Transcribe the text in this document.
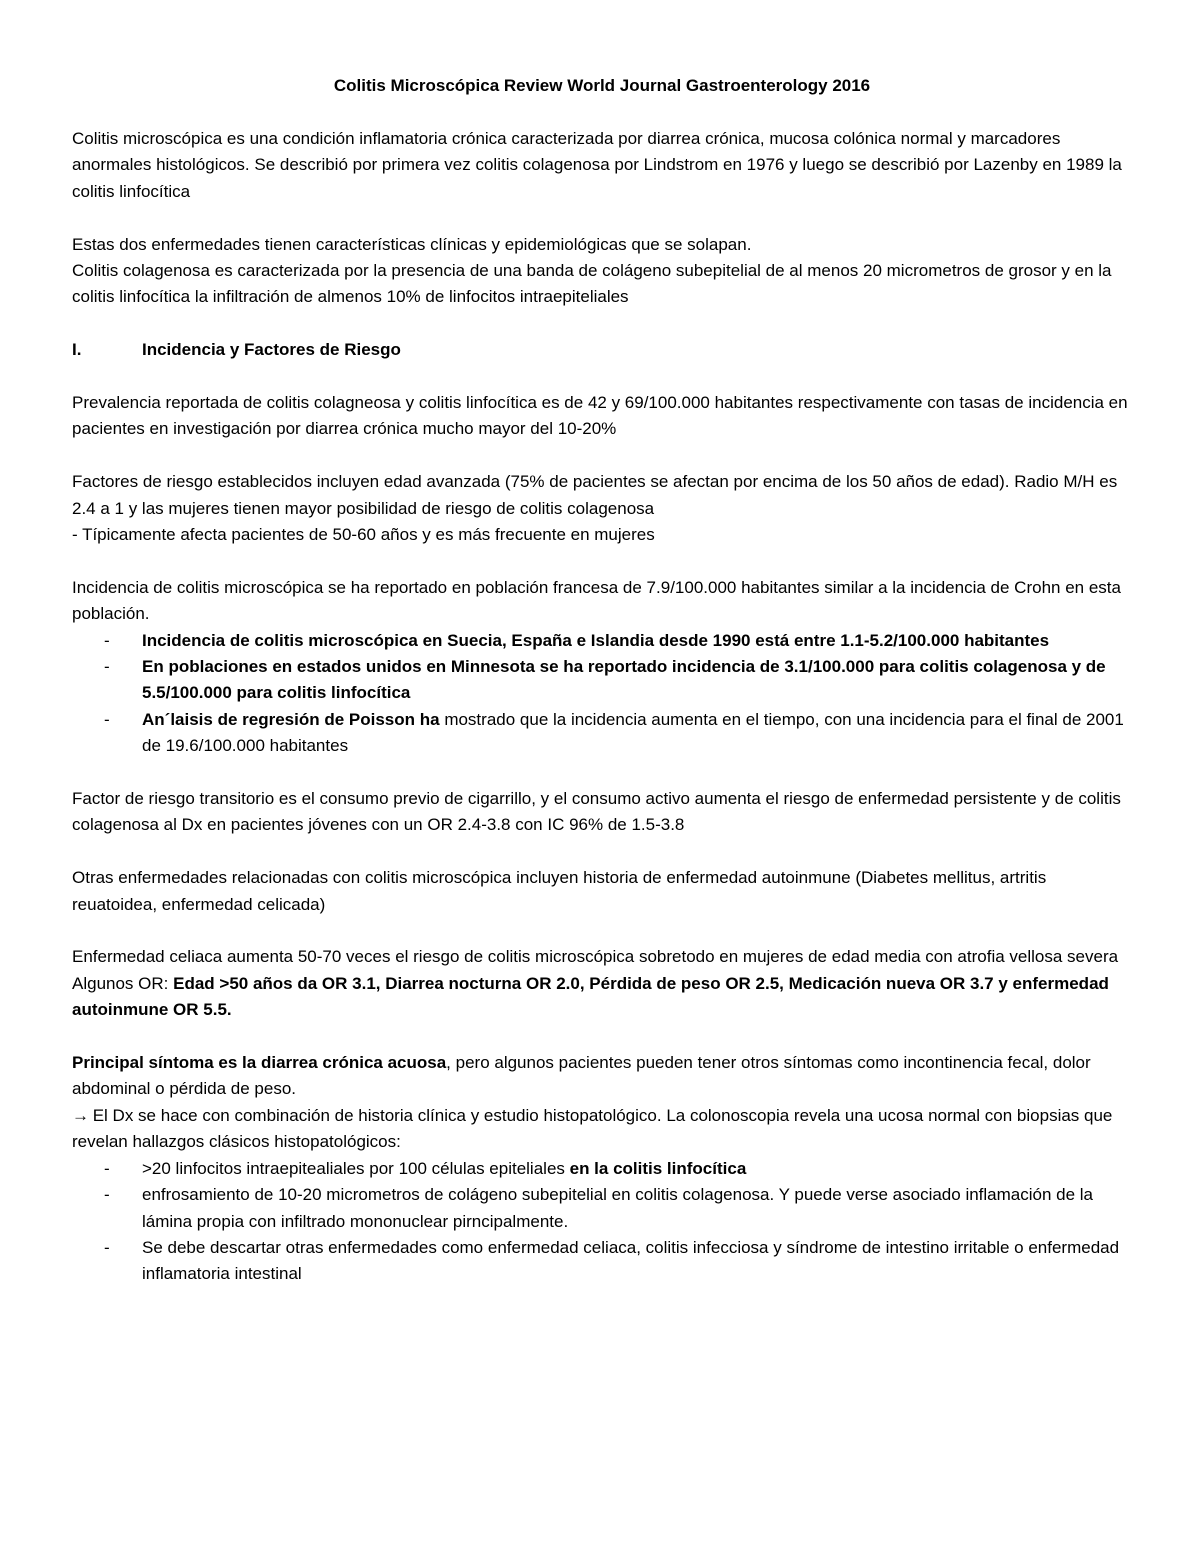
Colitis Microscópica Review World Journal Gastroenterology 2016

Colitis microscópica es una condición inflamatoria crónica caracterizada por diarrea crónica, mucosa colónica normal y marcadores anormales histológicos. Se describió por primera vez colitis colagenosa por Lindstrom en 1976 y luego se describió por Lazenby en 1989 la colitis linfocítica

Estas dos enfermedades tienen características clínicas y epidemiológicas que se solapan.

Colitis colagenosa es caracterizada por la presencia de una banda de colágeno subepitelial de al menos 20 micrometros de grosor y en la colitis linfocítica la infiltración de almenos 10% de linfocitos intraepiteliales

I.	Incidencia y Factores de Riesgo

Prevalencia reportada de colitis colagneosa y colitis linfocítica es de 42 y 69/100.000 habitantes respectivamente con tasas de incidencia en pacientes en investigación por diarrea crónica mucho mayor del 10-20%

Factores de riesgo establecidos incluyen edad avanzada (75% de pacientes se afectan por encima de los 50 años de edad). Radio M/H es 2.4 a 1 y las mujeres tienen mayor posibilidad de riesgo de colitis colagenosa

- Típicamente afecta pacientes de 50-60 años y es más frecuente en mujeres

Incidencia de colitis microscópica se ha reportado en población francesa de 7.9/100.000 habitantes similar a la incidencia de Crohn en esta población.

- Incidencia de colitis microscópica en Suecia, España e Islandia desde 1990 está entre 1.1-5.2/100.000 habitantes
- En poblaciones en estados unidos en Minnesota se ha reportado incidencia de 3.1/100.000 para colitis colagenosa y de 5.5/100.000 para colitis linfocítica
- An´laisis de regresión de Poisson ha mostrado que la incidencia aumenta en el tiempo, con una incidencia para el final de 2001 de 19.6/100.000 habitantes

Factor de riesgo transitorio es el consumo previo de cigarrillo, y el consumo activo aumenta el riesgo de enfermedad persistente y de colitis colagenosa al Dx en pacientes jóvenes con un OR 2.4-3.8 con IC 96% de 1.5-3.8

Otras enfermedades relacionadas con colitis microscópica incluyen historia de enfermedad autoinmune (Diabetes mellitus, artritis reuatoidea, enfermedad celicada)

Enfermedad celiaca aumenta 50-70 veces el riesgo de colitis microscópica sobretodo en mujeres de edad media con atrofia vellosa severa

Algunos OR: Edad >50 años da OR 3.1, Diarrea nocturna OR 2.0, Pérdida de peso OR 2.5, Medicación nueva OR 3.7 y enfermedad autoinmune OR 5.5.

Principal síntoma es la diarrea crónica acuosa, pero algunos pacientes pueden tener otros síntomas como incontinencia fecal, dolor abdominal o pérdida de peso.

→ El Dx se hace con combinación de historia clínica y estudio histopatológico. La colonoscopia revela una ucosa normal con biopsias que revelan hallazgos clásicos histopatológicos:

- >20 linfocitos intraepitealiales por 100 células epiteliales en la colitis linfocítica
- enfrosamiento de 10-20 micrometros de colágeno subepitelial en colitis colagenosa. Y puede verse asociado inflamación de la lámina propia con infiltrado mononuclear pirncipalmente.
- Se debe descartar otras enfermedades como enfermedad celiaca, colitis infecciosa y síndrome de intestino irritable o enfermedad inflamatoria intestinal
